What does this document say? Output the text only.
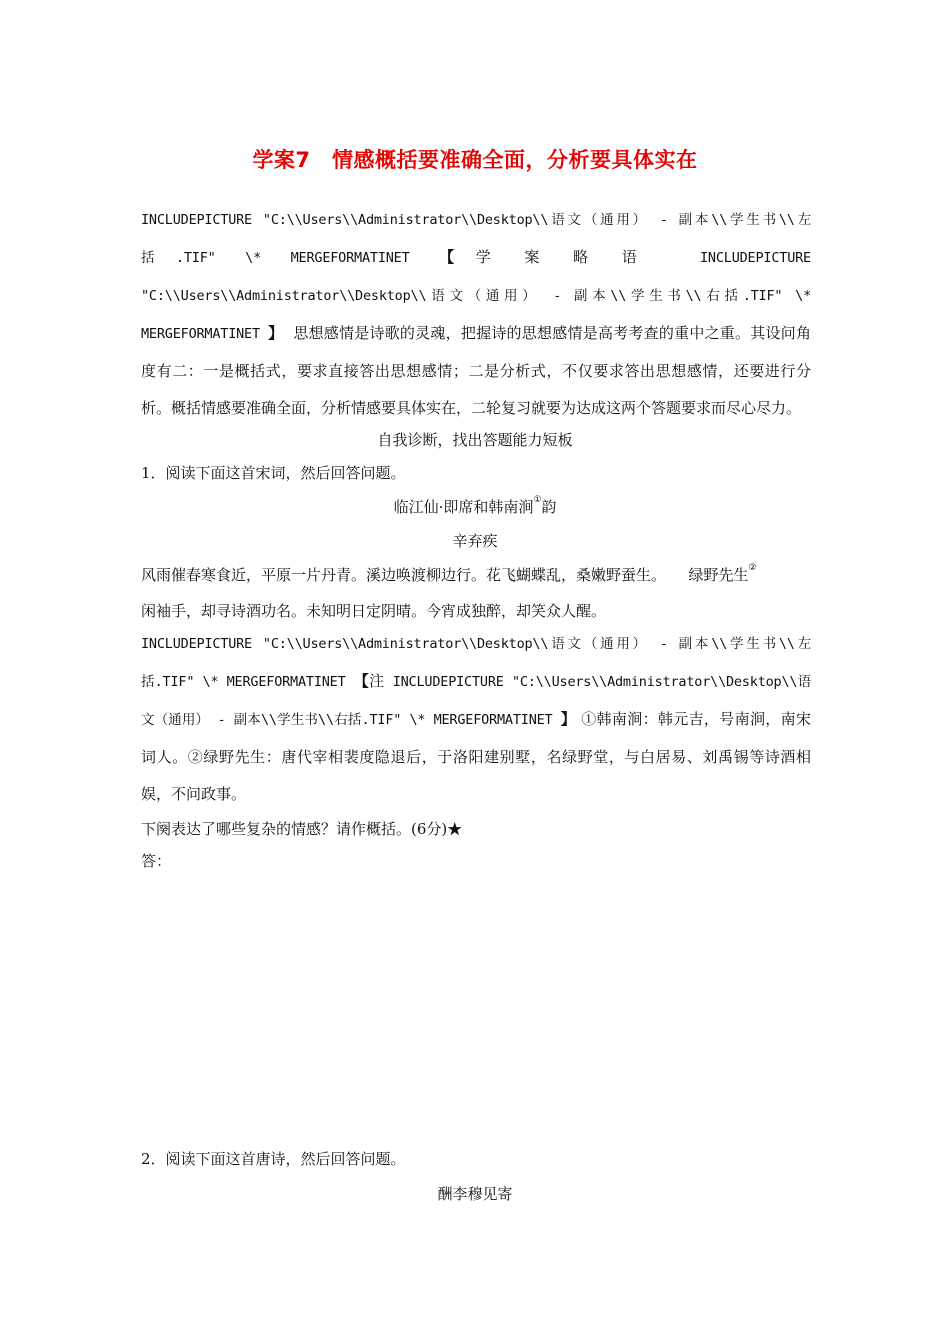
学案7　情感概括要准确全面，分析要具体实在
INCLUDEPICTURE "C:\\Users\\Administrator\\Desktop\\语文（通用） - 副本\\学生书\\左括.TIF" \* MERGEFORMATINET 【学案略语 INCLUDEPICTURE "C:\\Users\\Administrator\\Desktop\\语文（通用） - 副本\\学生书\\右括.TIF" \* MERGEFORMATINET 】 思想感情是诗歌的灵魂，把握诗的思想感情是高考考查的重中之重。其设问角度有二：一是概括式，要求直接答出思想感情；二是分析式，不仅要求答出思想感情，还要进行分析。概括情感要准确全面，分析情感要具体实在，二轮复习就要为达成这两个答题要求而尽心尽力。
自我诊断，找出答题能力短板
1．阅读下面这首宋词，然后回答问题。
临江仙·即席和韩南涧①韵
辛弃疾
风雨催春寒食近，平原一片丹青。溪边唤渡柳边行。花飞蝴蝶乱，桑嫩野蚕生。　　绿野先生②
闲袖手，却寻诗酒功名。未知明日定阴晴。今宵成独醉，却笑众人醒。
INCLUDEPICTURE "C:\\Users\\Administrator\\Desktop\\语文（通用） - 副本\\学生书\\左括.TIF" \* MERGEFORMATINET 【注 INCLUDEPICTURE "C:\\Users\\Administrator\\Desktop\\语文（通用） - 副本\\学生书\\右括.TIF" \* MERGEFORMATINET 】 ①韩南涧：韩元吉，号南涧，南宋词人。②绿野先生：唐代宰相裴度隐退后，于洛阳建别墅，名绿野堂，与白居易、刘禹锡等诗酒相娱，不问政事。
下阕表达了哪些复杂的情感？请作概括。(6分)★
答：
2．阅读下面这首唐诗，然后回答问题。
酬李穆见寄
